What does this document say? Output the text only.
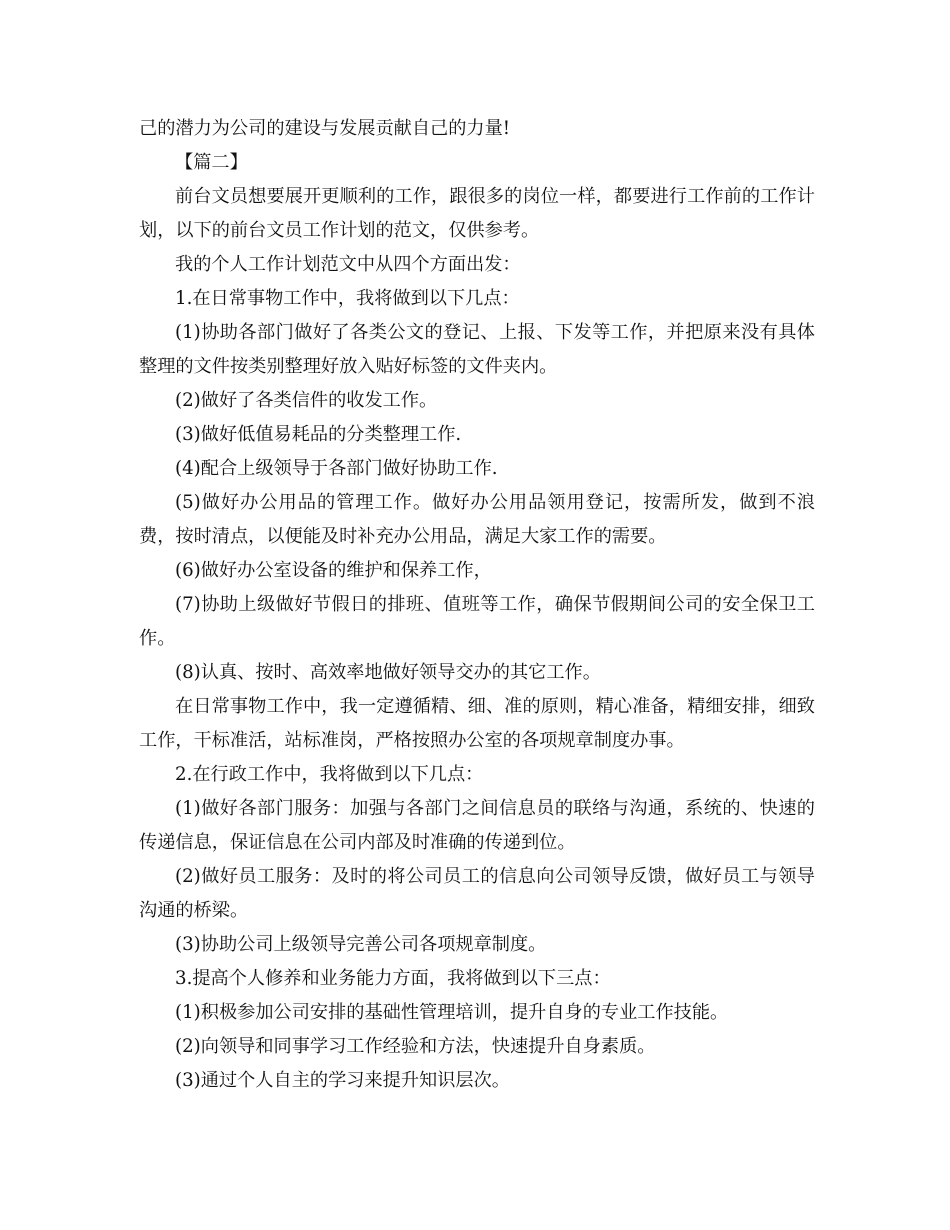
己的潜力为公司的建设与发展贡献自己的力量!

【篇二】

前台文员想要展开更顺利的工作，跟很多的岗位一样，都要进行工作前的工作计划，以下的前台文员工作计划的范文，仅供参考。

我的个人工作计划范文中从四个方面出发：

1.在日常事物工作中，我将做到以下几点：

(1)协助各部门做好了各类公文的登记、上报、下发等工作，并把原来没有具体整理的文件按类别整理好放入贴好标签的文件夹内。

(2)做好了各类信件的收发工作。

(3)做好低值易耗品的分类整理工作.

(4)配合上级领导于各部门做好协助工作.

(5)做好办公用品的管理工作。做好办公用品领用登记，按需所发，做到不浪费，按时清点，以便能及时补充办公用品，满足大家工作的需要。

(6)做好办公室设备的维护和保养工作，

(7)协助上级做好节假日的排班、值班等工作，确保节假期间公司的安全保卫工作。

(8)认真、按时、高效率地做好领导交办的其它工作。

在日常事物工作中，我一定遵循精、细、准的原则，精心准备，精细安排，细致工作，干标准活，站标准岗，严格按照办公室的各项规章制度办事。

2.在行政工作中，我将做到以下几点：

(1)做好各部门服务：加强与各部门之间信息员的联络与沟通，系统的、快速的传递信息，保证信息在公司内部及时准确的传递到位。

(2)做好员工服务：及时的将公司员工的信息向公司领导反馈，做好员工与领导沟通的桥梁。

(3)协助公司上级领导完善公司各项规章制度。

3.提高个人修养和业务能力方面，我将做到以下三点：

(1)积极参加公司安排的基础性管理培训，提升自身的专业工作技能。

(2)向领导和同事学习工作经验和方法，快速提升自身素质。

(3)通过个人自主的学习来提升知识层次。
